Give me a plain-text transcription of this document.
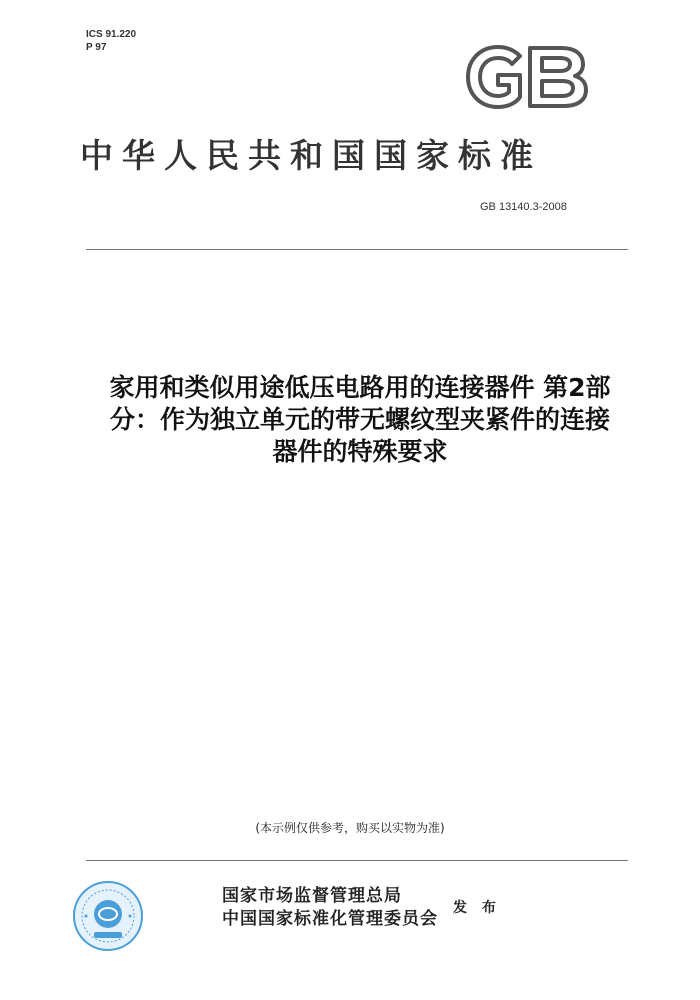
ICS 91.220
P 97
中华人民共和国国家标准
GB 13140.3-2008
家用和类似用途低压电路用的连接器件 第2部
分：作为独立单元的带无螺纹型夹紧件的连接
器件的特殊要求
(本示例仅供参考，购买以实物为准)
国家市场监督管理总局
中国国家标准化管理委员会
发 布
